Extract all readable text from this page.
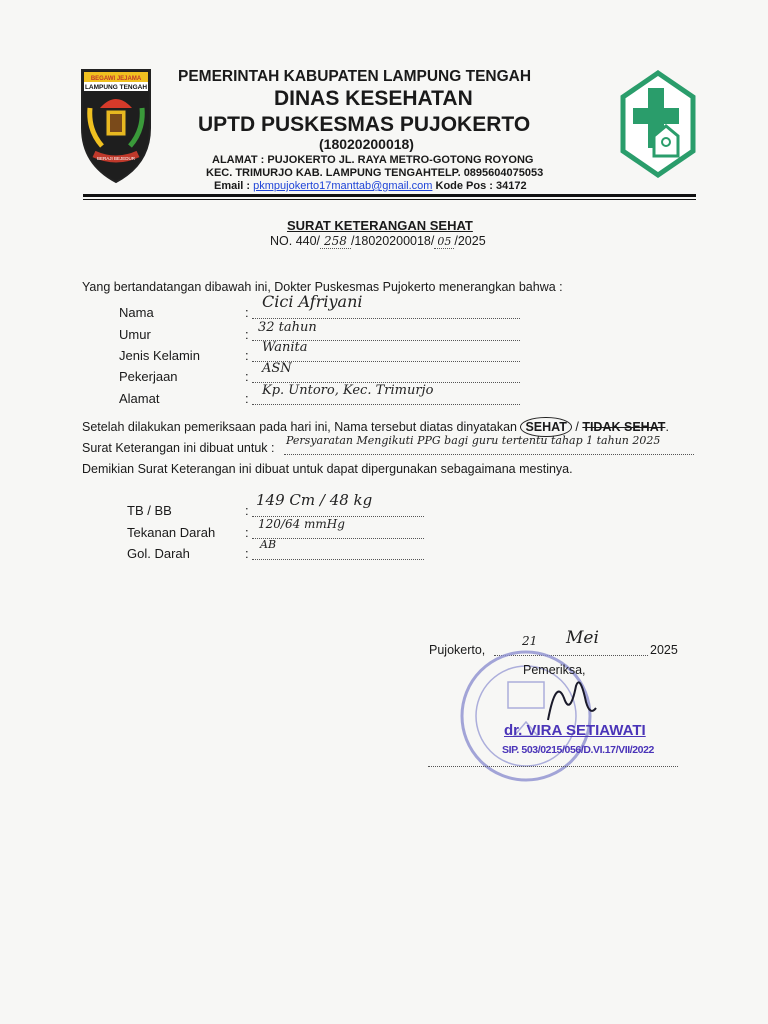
BEGAWI JEJAMA
LAMPUNG TENGAH
BERAJI BEJEDUR
PEMERINTAH KABUPATEN LAMPUNG TENGAH
DINAS KESEHATAN
UPTD PUSKESMAS PUJOKERTO
(18020200018)
ALAMAT : PUJOKERTO JL. RAYA METRO-GOTONG ROYONG
KEC. TRIMURJO KAB. LAMPUNG TENGAHTELP. 0895604075053
Email : pkmpujokerto17manttab@gmail.com Kode Pos : 34172
SURAT KETERANGAN SEHAT
NO. 440/ 258 /18020200018/ 05 /2025
Yang bertandatangan dibawah ini, Dokter Puskesmas Pujokerto menerangkan bahwa :
Nama	:
Cici Afriyani
Umur	: 32 tahun
Jenis Kelamin	:
Wanita
Pekerjaan	:
ASN
Alamat	:
Kp. Untoro, Kec. Trimurjo
Setelah dilakukan pemeriksaan pada hari ini, Nama tersebut diatas dinyatakan SEHAT / TIDAK SEHAT.
Surat Keterangan ini dibuat untuk :
Persyaratan Mengikuti PPG bagi guru tertentu tahap 1 tahun 2025
Demikian Surat Keterangan ini dibuat untuk dapat dipergunakan sebagaimana mestinya.
TB / BB	:
149 Cm / 48 kg
Tekanan Darah :
120/64 mmHg
Gol. Darah	:
AB
Pujokerto,
21 Mei
2025
Pemeriksa,
dr. VIRA SETIAWATI
SIP. 503/0215/056/D.VI.17/VII/2022
